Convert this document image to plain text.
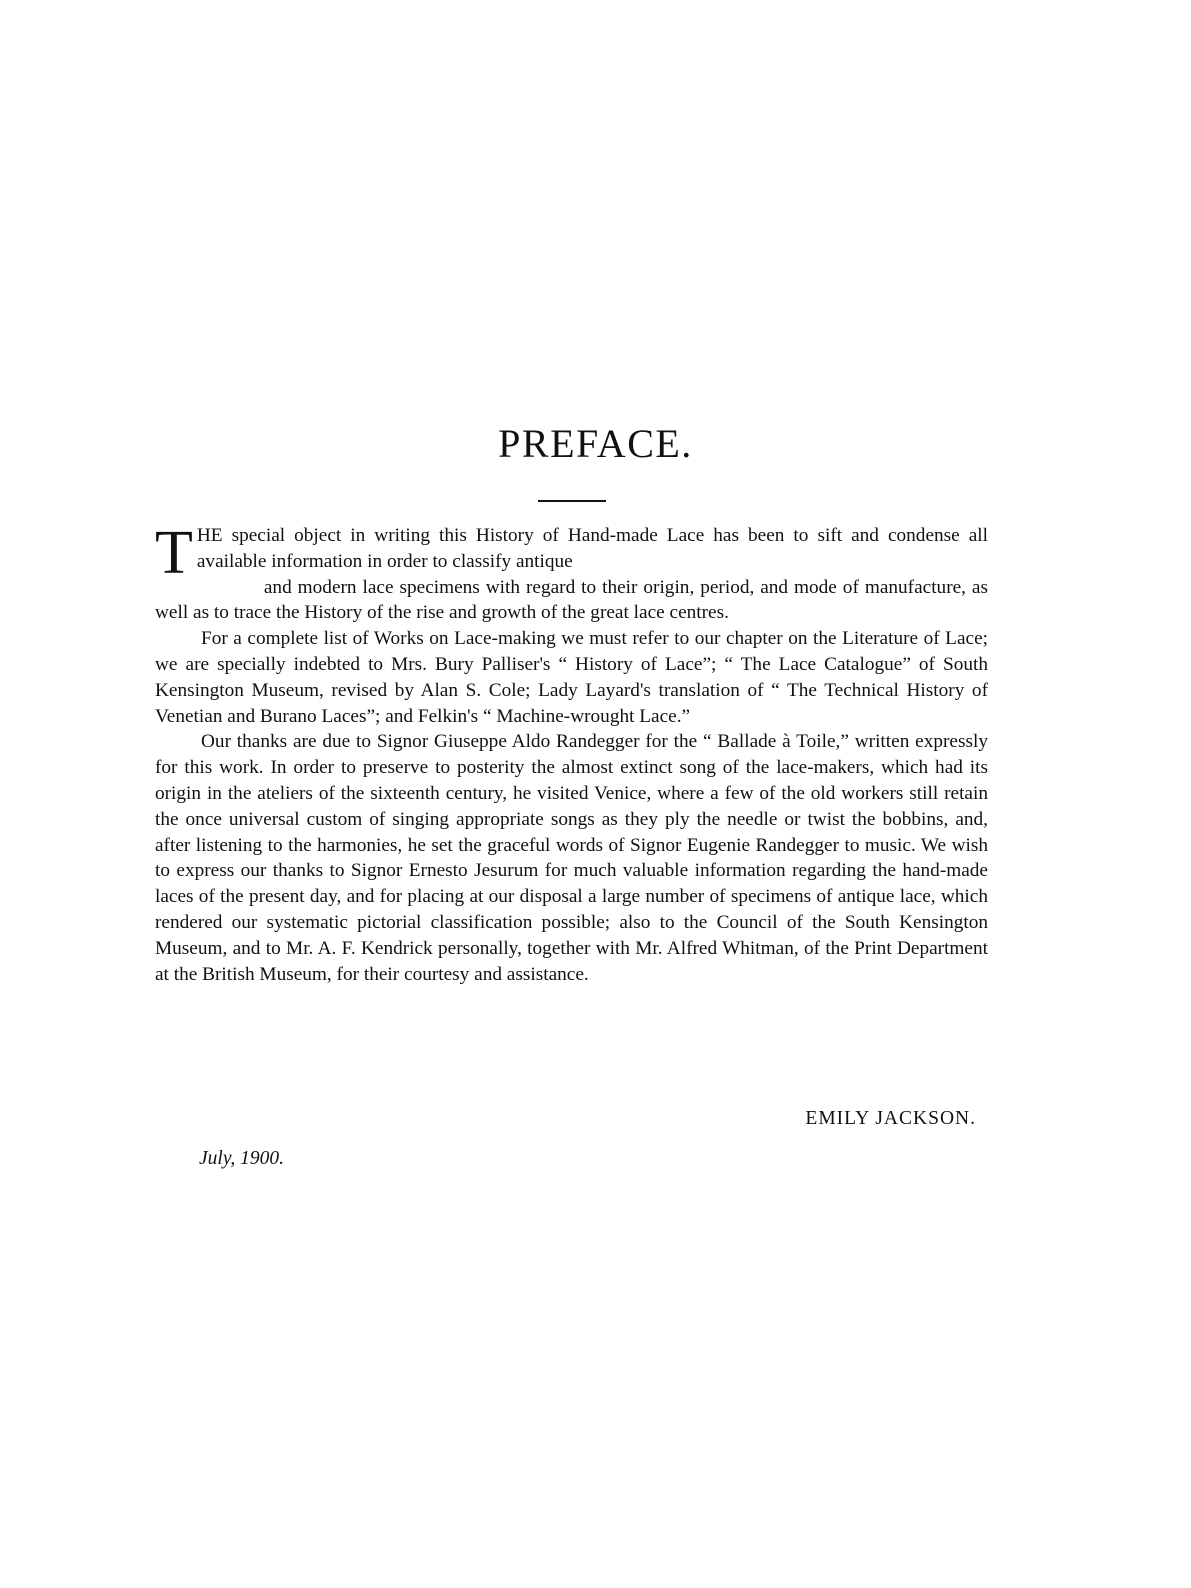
PREFACE.
T HE special object in writing this History of Hand-made Lace has been to sift and condense all available information in order to classify antique
and modern lace specimens with regard to their origin, period, and mode of manufacture, as well as to trace the History of the rise and growth of the great lace centres.

For a complete list of Works on Lace-making we must refer to our chapter on the Literature of Lace; we are specially indebted to Mrs. Bury Palliser's “ History of Lace”; “ The Lace Catalogue” of South Kensington Museum, revised by Alan S. Cole; Lady Layard's translation of “ The Technical History of Venetian and Burano Laces”; and Felkin's “ Machine-wrought Lace.”

Our thanks are due to Signor Giuseppe Aldo Randegger for the “ Ballade à Toile,” written expressly for this work. In order to preserve to posterity the almost extinct song of the lace-makers, which had its origin in the ateliers of the sixteenth century, he visited Venice, where a few of the old workers still retain the once universal custom of singing appropriate songs as they ply the needle or twist the bobbins, and, after listening to the harmonies, he set the graceful words of Signor Eugenie Randegger to music. We wish to express our thanks to Signor Ernesto Jesurum for much valuable information regarding the hand-made laces of the present day, and for placing at our disposal a large number of specimens of antique lace, which rendered our systematic pictorial classification possible; also to the Council of the South Kensington Museum, and to Mr. A. F. Kendrick personally, together with Mr. Alfred Whitman, of the Print Department at the British Museum, for their courtesy and assistance.

EMILY JACKSON.

July, 1900.
